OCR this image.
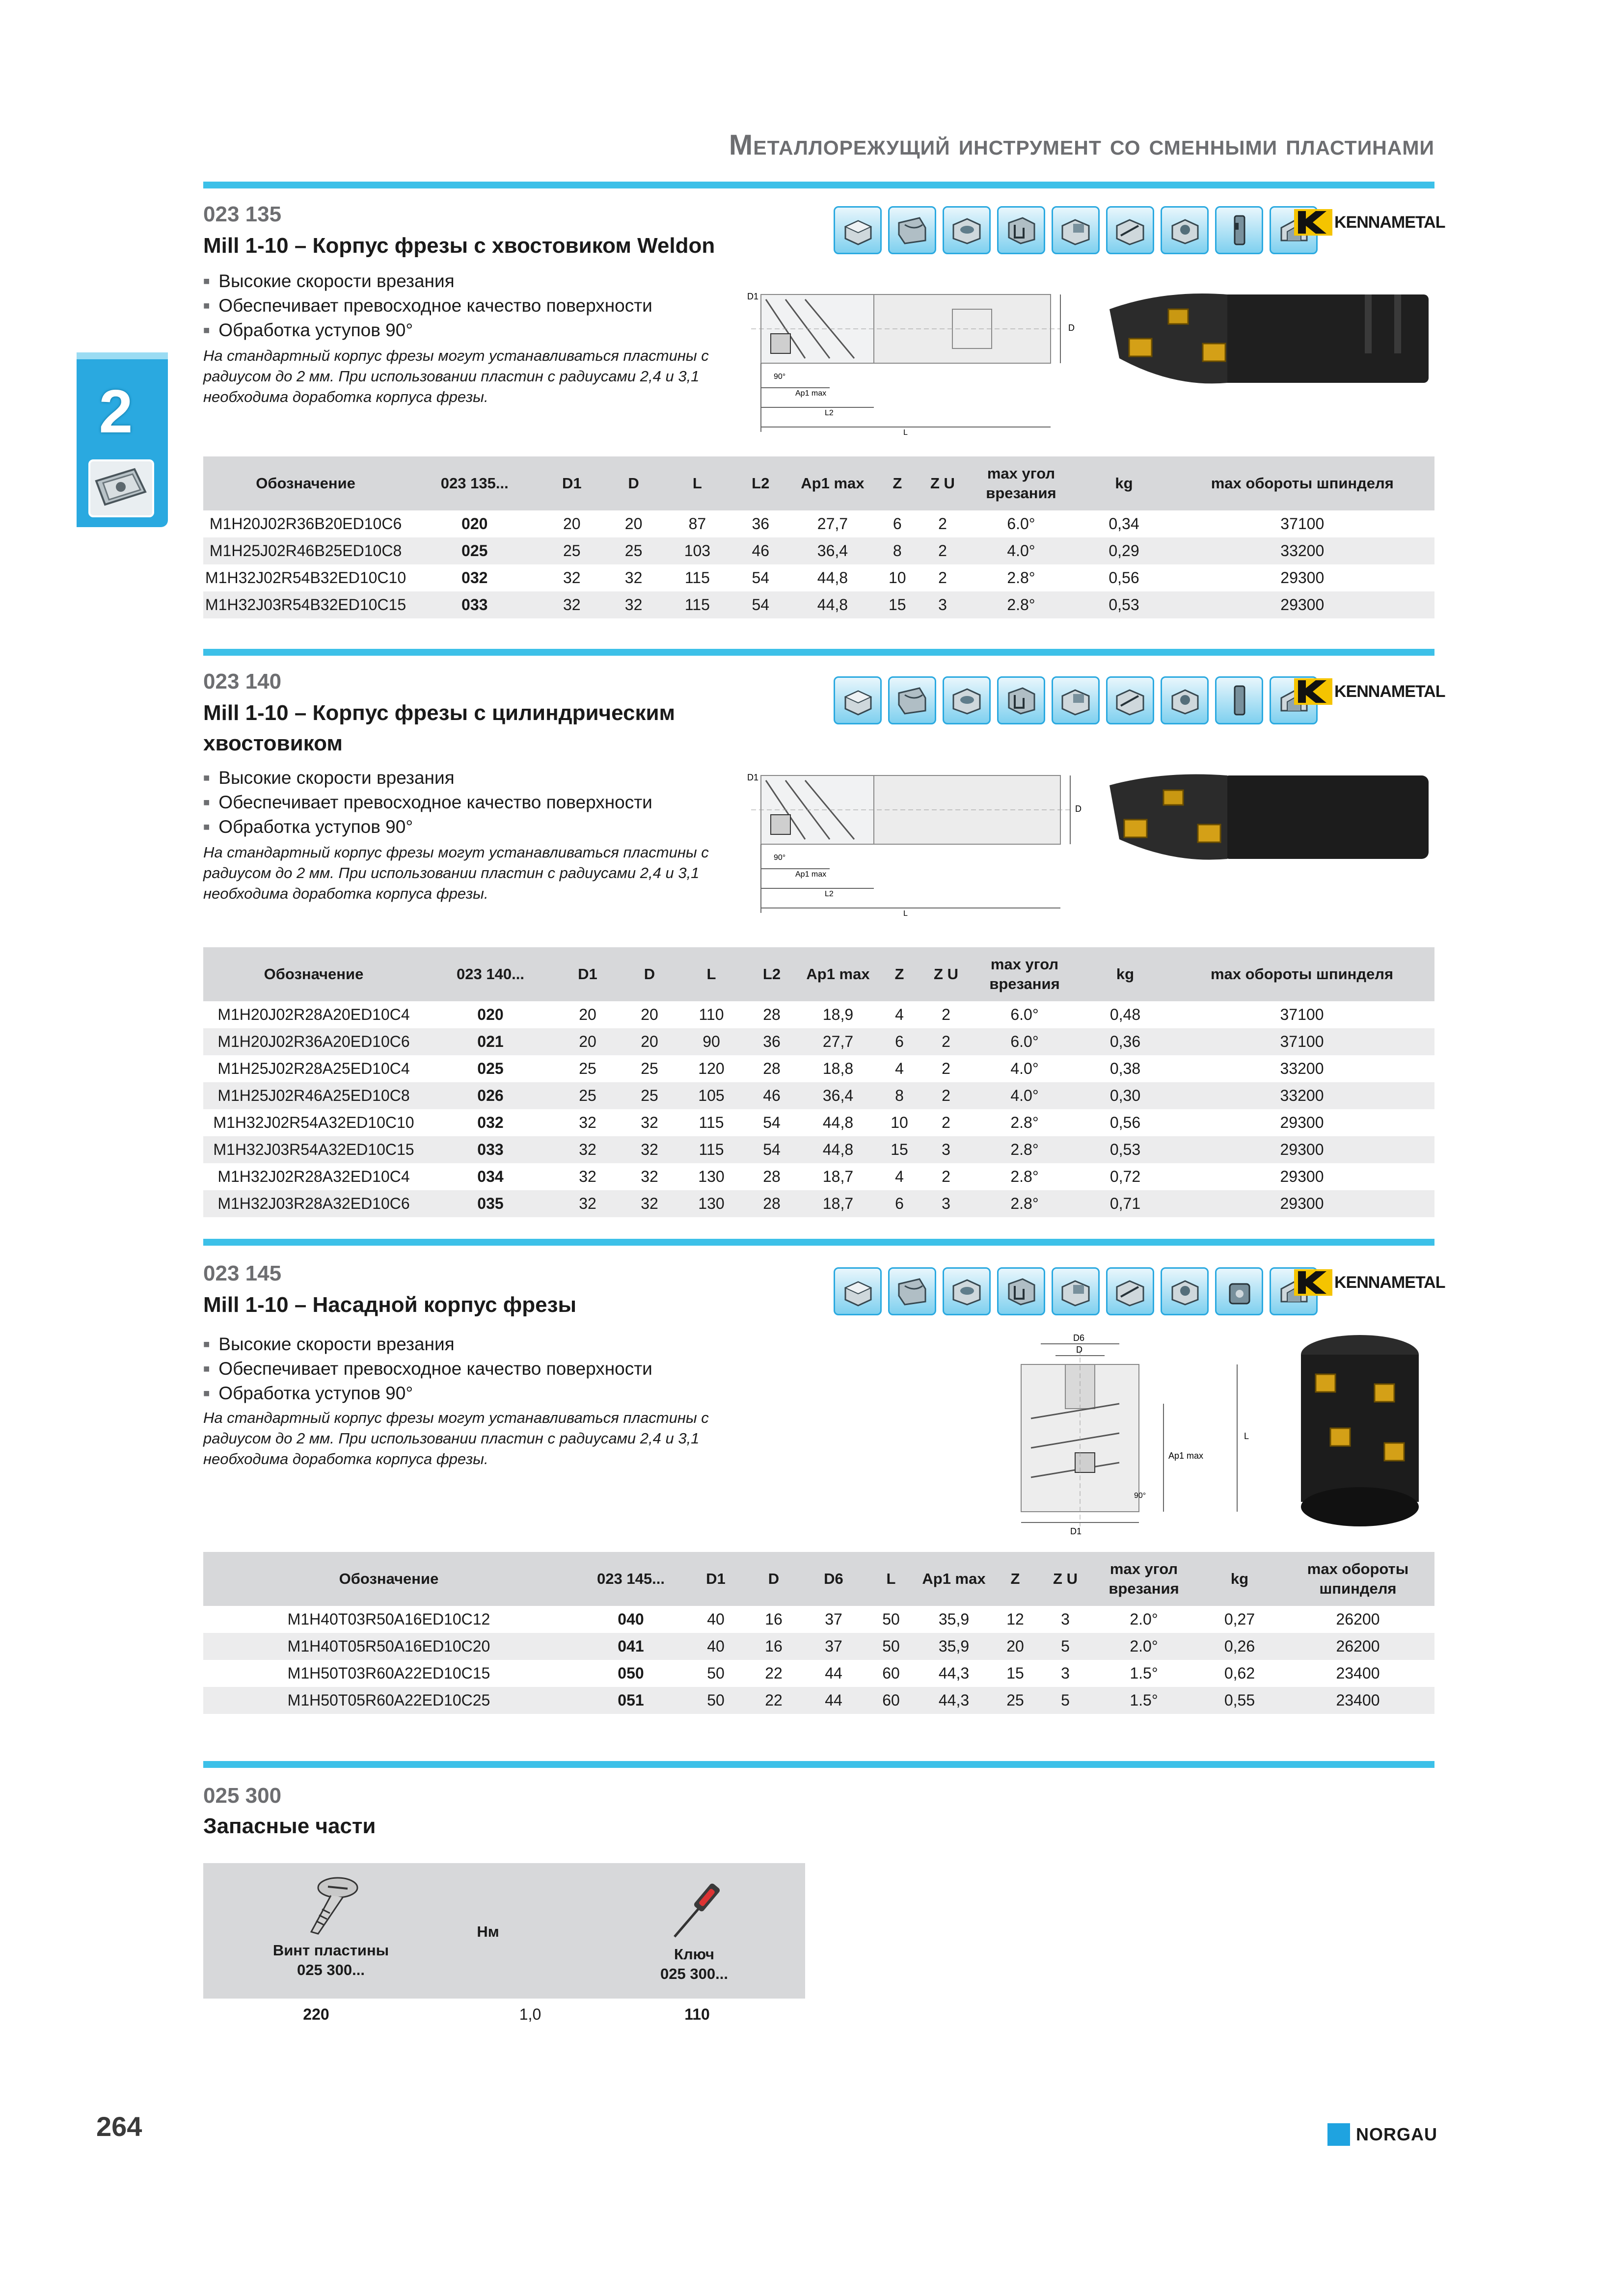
Металлорежущий инструмент со сменными пластинами
2
023 135
Mill 1-10 – Корпус фрезы с хвостовиком Weldon
KENNAMETAL
■ Высокие скорости врезания
■ Обеспечивает превосходное качество поверхности
■ Обработка уступов 90°
На стандартный корпус фрезы могут устанавливаться пластины с радиусом до 2 мм. При использовании пластин с радиусами 2,4 и 3,1 необходима доработка корпуса фрезы.
D1
D
90°
Ap1 max
L2
L
Обозначение	023 135...	D1	D	L	L2	Ap1 max	Z	Z U	max угол врезания	kg	max обороты шпинделя
M1H20J02R36B20ED10C6	020	20	20	87	36	27,7	6	2	6.0°	0,34	37100
M1H25J02R46B25ED10C8	025	25	25	103	46	36,4	8	2	4.0°	0,29	33200
M1H32J02R54B32ED10C10	032	32	32	115	54	44,8	10	2	2.8°	0,56	29300
M1H32J03R54B32ED10C15	033	32	32	115	54	44,8	15	3	2.8°	0,53	29300
023 140
Mill 1-10 – Корпус фрезы с цилиндрическим хвостовиком
KENNAMETAL
■ Высокие скорости врезания
■ Обеспечивает превосходное качество поверхности
■ Обработка уступов 90°
На стандартный корпус фрезы могут устанавливаться пластины с радиусом до 2 мм. При использовании пластин с радиусами 2,4 и 3,1 необходима доработка корпуса фрезы.
D1
D
90°
Ap1 max
L2
L
Обозначение	023 140...	D1	D	L	L2	Ap1 max	Z	Z U	max угол врезания	kg	max обороты шпинделя
M1H20J02R28A20ED10C4	020	20	20	110	28	18,9	4	2	6.0°	0,48	37100
M1H20J02R36A20ED10C6	021	20	20	90	36	27,7	6	2	6.0°	0,36	37100
M1H25J02R28A25ED10C4	025	25	25	120	28	18,8	4	2	4.0°	0,38	33200
M1H25J02R46A25ED10C8	026	25	25	105	46	36,4	8	2	4.0°	0,30	33200
M1H32J02R54A32ED10C10	032	32	32	115	54	44,8	10	2	2.8°	0,56	29300
M1H32J03R54A32ED10C15	033	32	32	115	54	44,8	15	3	2.8°	0,53	29300
M1H32J02R28A32ED10C4	034	32	32	130	28	18,7	4	2	2.8°	0,72	29300
M1H32J03R28A32ED10C6	035	32	32	130	28	18,7	6	3	2.8°	0,71	29300
023 145
Mill 1-10 – Насадной корпус фрезы
KENNAMETAL
■ Высокие скорости врезания
■ Обеспечивает превосходное качество поверхности
■ Обработка уступов 90°
На стандартный корпус фрезы могут устанавливаться пластины с радиусом до 2 мм. При использовании пластин с радиусами 2,4 и 3,1 необходима доработка корпуса фрезы.
D6
D
L
Ap1 max
90°
D1
Обозначение	023 145...	D1	D	D6	L	Ap1 max	Z	Z U	max угол врезания	kg	max обороты шпинделя
M1H40T03R50A16ED10C12	040	40	16	37	50	35,9	12	3	2.0°	0,27	26200
M1H40T05R50A16ED10C20	041	40	16	37	50	35,9	20	5	2.0°	0,26	26200
M1H50T03R60A22ED10C15	050	50	22	44	60	44,3	15	3	1.5°	0,62	23400
M1H50T05R60A22ED10C25	051	50	22	44	60	44,3	25	5	1.5°	0,55	23400
025 300
Запасные части
Винт пластины
025 300...
Нм
Ключ
025 300...
220	1,0	110
264	NORGAU
